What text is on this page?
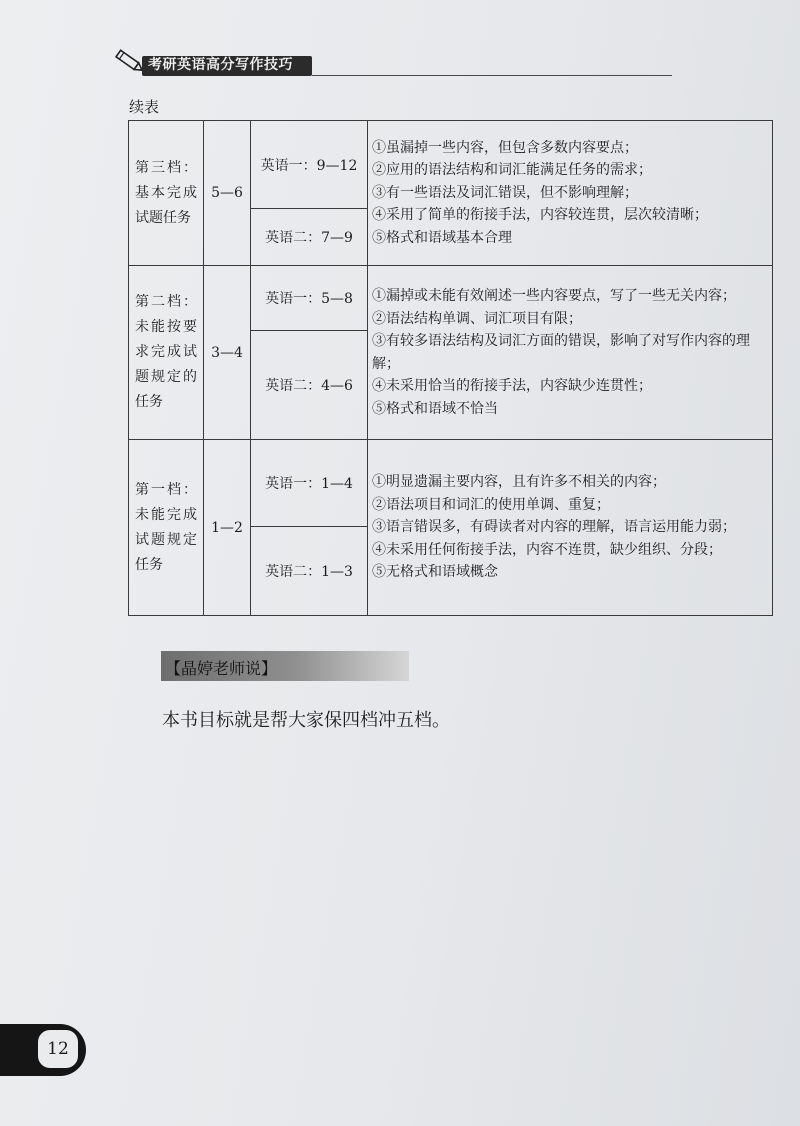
考研英语高分写作技巧
续表
第三档：基本完成试题任务	5—6	英语一：9—12	①虽漏掉一些内容，但包含多数内容要点；
②应用的语法结构和词汇能满足任务的需求；
③有一些语法及词汇错误，但不影响理解；
④采用了简单的衔接手法，内容较连贯，层次较清晰；
⑤格式和语域基本合理

		英语二：7—9	
第二档：未能按要求完成试题规定的任务	3—4	英语一：5—8	①漏掉或未能有效阐述一些内容要点，写了一些无关内容；
②语法结构单调、词汇项目有限；
③有较多语法结构及词汇方面的错误，影响了对写作内容的理解；
④未采用恰当的衔接手法，内容缺少连贯性；
⑤格式和语域不恰当

		英语二：4—6	
第一档：未能完成试题规定任务	1—2	英语一：1—4	①明显遗漏主要内容，且有许多不相关的内容；
②语法项目和词汇的使用单调、重复；
③语言错误多，有碍读者对内容的理解，语言运用能力弱；
④未采用任何衔接手法，内容不连贯，缺少组织、分段；
⑤无格式和语域概念

		英语二：1—3	
【晶婷老师说】
本书目标就是帮大家保四档冲五档。
12
